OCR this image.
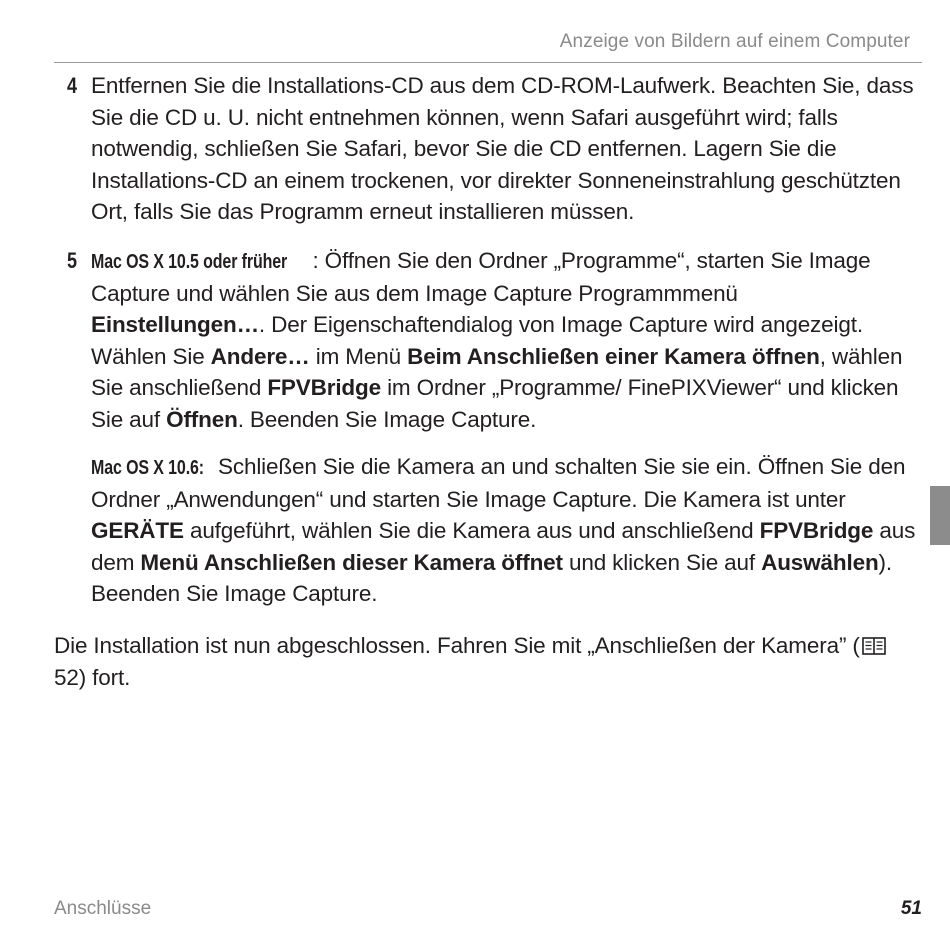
Anzeige von Bildern auf einem Computer
4 Entfernen Sie die Installations-CD aus dem CD-ROM-Laufwerk. Beachten Sie, dass Sie die CD u. U. nicht entnehmen können, wenn Safari ausgeführt wird; falls notwendig, schließen Sie Safari, bevor Sie die CD entfernen. Lagern Sie die Installations-CD an einem trockenen, vor direkter Sonneneinstrahlung geschützten Ort, falls Sie das Programm erneut installieren müssen.

5 Mac OS X 10.5 oder früher : Öffnen Sie den Ordner „Programme“, starten Sie Image Capture und wählen Sie aus dem Image Capture Programmmenü Einstellungen…. Der Eigenschaftendialog von Image Capture wird angezeigt. Wählen Sie Andere… im Menü Beim Anschließen einer Kamera öffnen, wählen Sie anschließend FPVBridge im Ordner „Programme/ FinePIXViewer“ und klicken Sie auf Öffnen. Beenden Sie Image Capture.

Mac OS X 10.6: Schließen Sie die Kamera an und schalten Sie sie ein. Öffnen Sie den Ordner „Anwendungen“ und starten Sie Image Capture. Die Kamera ist unter GERÄTE aufgeführt, wählen Sie die Kamera aus und anschließend FPVBridge aus dem Menü Anschließen dieser Kamera öffnet und klicken Sie auf Auswählen). Beenden Sie Image Capture.

Die Installation ist nun abgeschlossen. Fahren Sie mit „Anschließen der Kamera” ( 52) fort.

Anschlüsse	51
